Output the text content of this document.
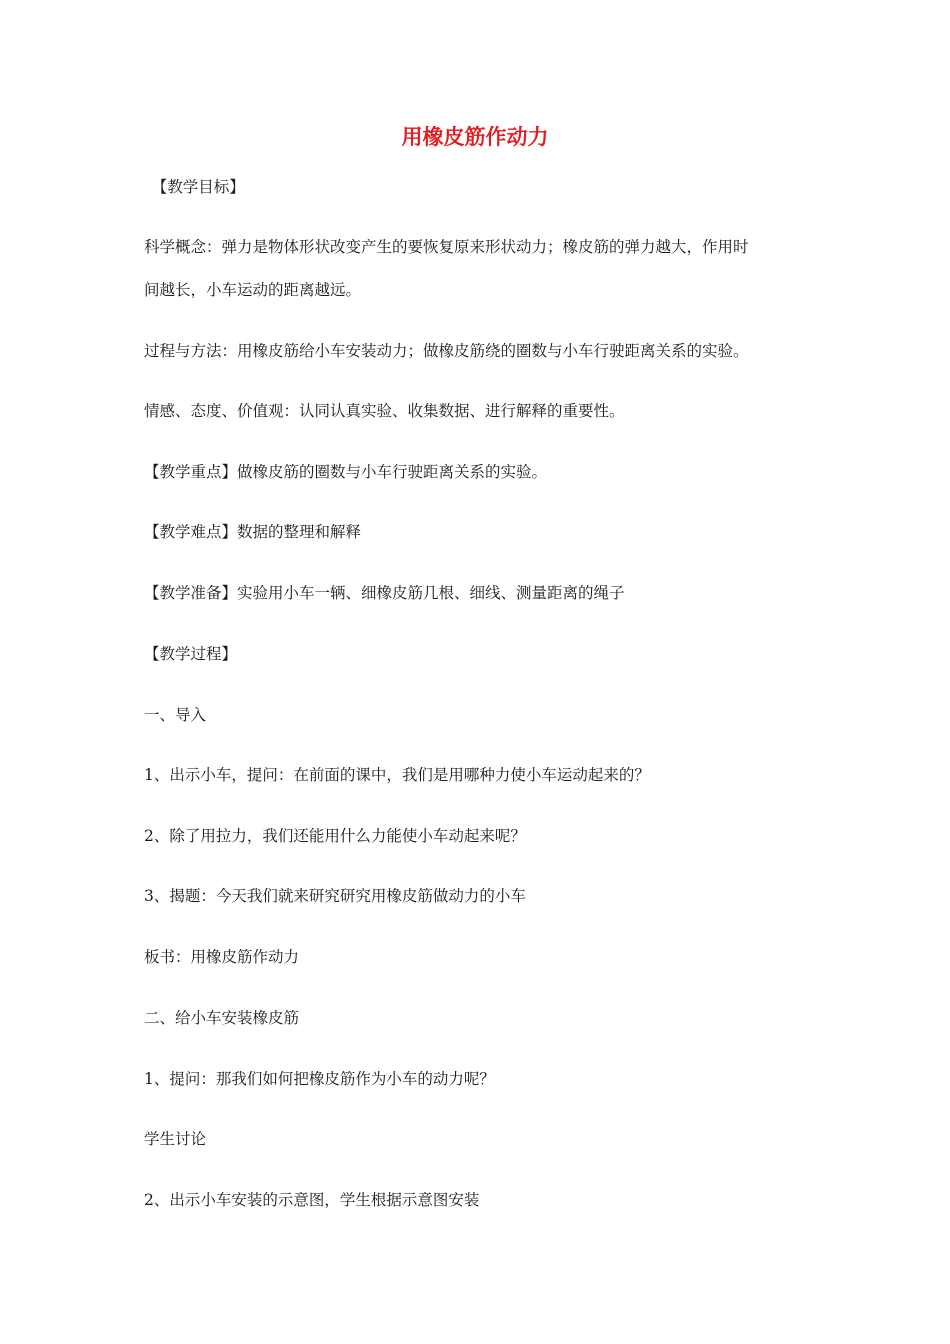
用橡皮筋作动力
　【教学目标】
科学概念：弹力是物体形状改变产生的要恢复原来形状动力；橡皮筋的弹力越大，作用时
间越长，小车运动的距离越远。
过程与方法：用橡皮筋给小车安装动力；做橡皮筋绕的圈数与小车行驶距离关系的实验。
情感、态度、价值观：认同认真实验、收集数据、进行解释的重要性。
【教学重点】做橡皮筋的圈数与小车行驶距离关系的实验。
【教学难点】数据的整理和解释
【教学准备】实验用小车一辆、细橡皮筋几根、细线、测量距离的绳子
【教学过程】
一、导入
1、出示小车，提问：在前面的课中，我们是用哪种力使小车运动起来的？
2、除了用拉力，我们还能用什么力能使小车动起来呢？
3、揭题：今天我们就来研究研究用橡皮筋做动力的小车
板书：用橡皮筋作动力
二、给小车安装橡皮筋
1、提问：那我们如何把橡皮筋作为小车的动力呢？
学生讨论
2、出示小车安装的示意图，学生根据示意图安装
